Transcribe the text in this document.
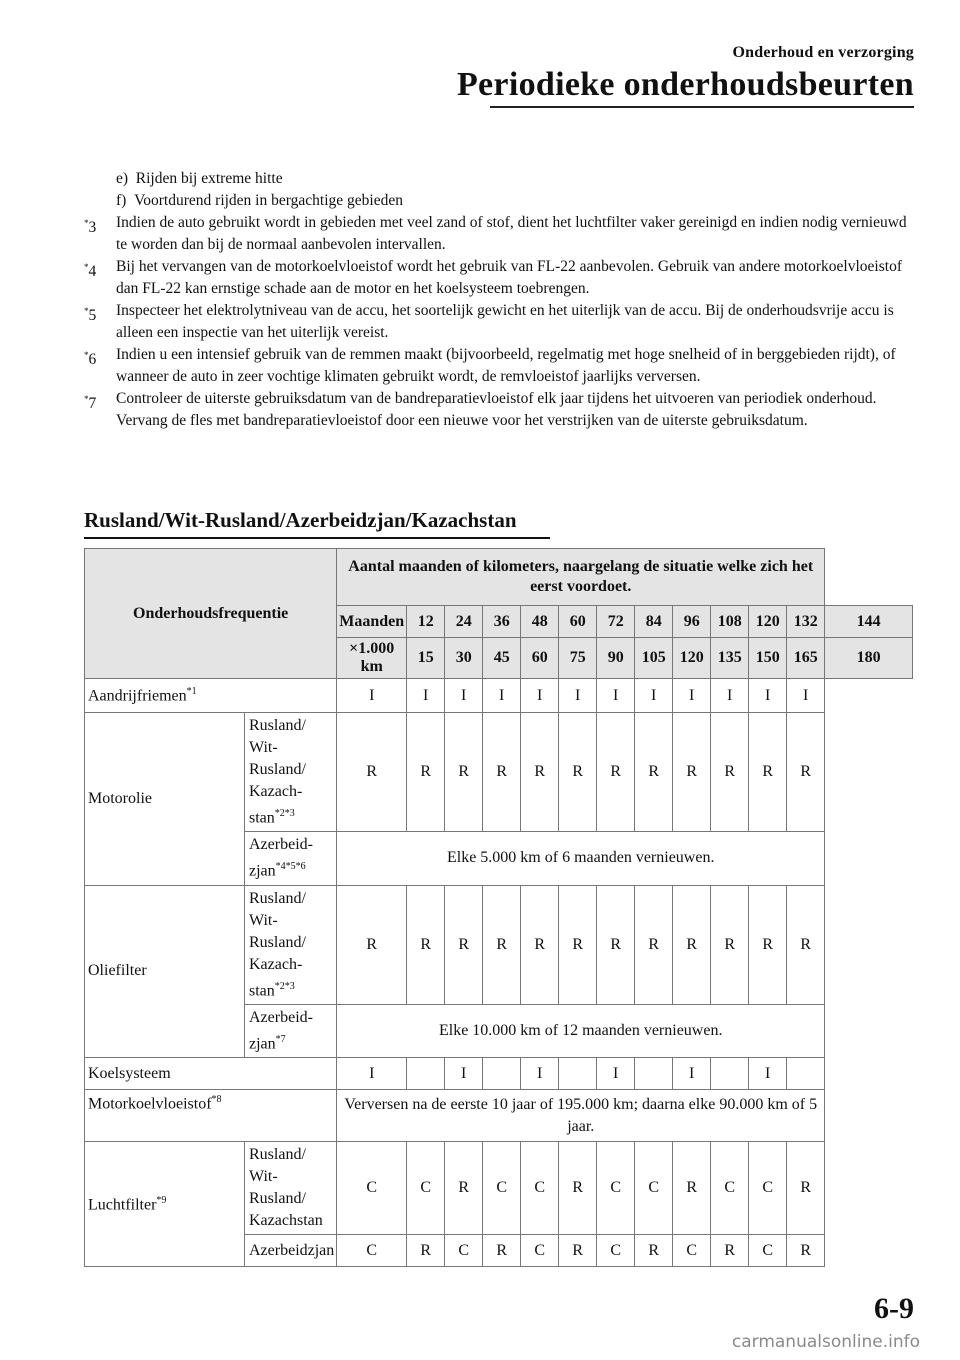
Onderhoud en verzorging
Periodieke onderhoudsbeurten
e) Rijden bij extreme hitte
f) Voortdurend rijden in bergachtige gebieden
*3 Indien de auto gebruikt wordt in gebieden met veel zand of stof, dient het luchtfilter vaker gereinigd en indien nodig vernieuwd te worden dan bij de normaal aanbevolen intervallen.
*4 Bij het vervangen van de motorkoelvloeistof wordt het gebruik van FL-22 aanbevolen. Gebruik van andere motorkoelvloeistof dan FL-22 kan ernstige schade aan de motor en het koelsysteem toebrengen.
*5 Inspecteer het elektrolytniveau van de accu, het soortelijk gewicht en het uiterlijk van de accu. Bij de onderhoudsvrije accu is alleen een inspectie van het uiterlijk vereist.
*6 Indien u een intensief gebruik van de remmen maakt (bijvoorbeeld, regelmatig met hoge snelheid of in berggebieden rijdt), of wanneer de auto in zeer vochtige klimaten gebruikt wordt, de remvloeistof jaarlijks verversen.
*7 Controleer de uiterste gebruiksdatum van de bandreparatievloeistof elk jaar tijdens het uitvoeren van periodiek onderhoud. Vervang de fles met bandreparatievloeistof door een nieuwe voor het verstrijken van de uiterste gebruiksdatum.
Rusland/Wit-Rusland/Azerbeidzjan/Kazachstan
Onderhoudsfrequentie		Aantal maanden of kilometers, naargelang de situatie welke zich het eerst voordoet.												
		Maanden	12	24	36	48	60	72	84	96	108	120	132	144
		×1.000 km	15	30	45	60	75	90	105	120	135	150	165	180
Aandrijfriemen$^{*1}$		I	I	I	I	I	I	I	I	I	I	I	I	
Motorolie	Rusland/ Wit-Rusland/ Kazach-stan$^{*2*3}$	R	R	R	R	R	R	R	R	R	R	R	R	
	Azerbeid-zjan$^{*4*5*6}$	Elke 5.000 km of 6 maanden vernieuwen.												
Oliefilter	Rusland/ Wit-Rusland/ Kazach-stan$^{*2*3}$	R	R	R	R	R	R	R	R	R	R	R	R	
	Azerbeid-zjan$^{*7}$	Elke 10.000 km of 12 maanden vernieuwen.												
Koelsysteem		I		I		I		I		I		I		
Motorkoelvloeistof$^{*8}$		Verversen na de eerste 10 jaar of 195.000 km; daarna elke 90.000 km of 5 jaar.												
Luchtfilter$^{*9}$	Rusland/ Wit-Rusland/ Kazachstan	C	C	R	C	C	R	C	C	R	C	C	R	
	Azerbeidzjan	C	R	C	R	C	R	C	R	C	R	C	R	
6-9
carmanualsonline.info
